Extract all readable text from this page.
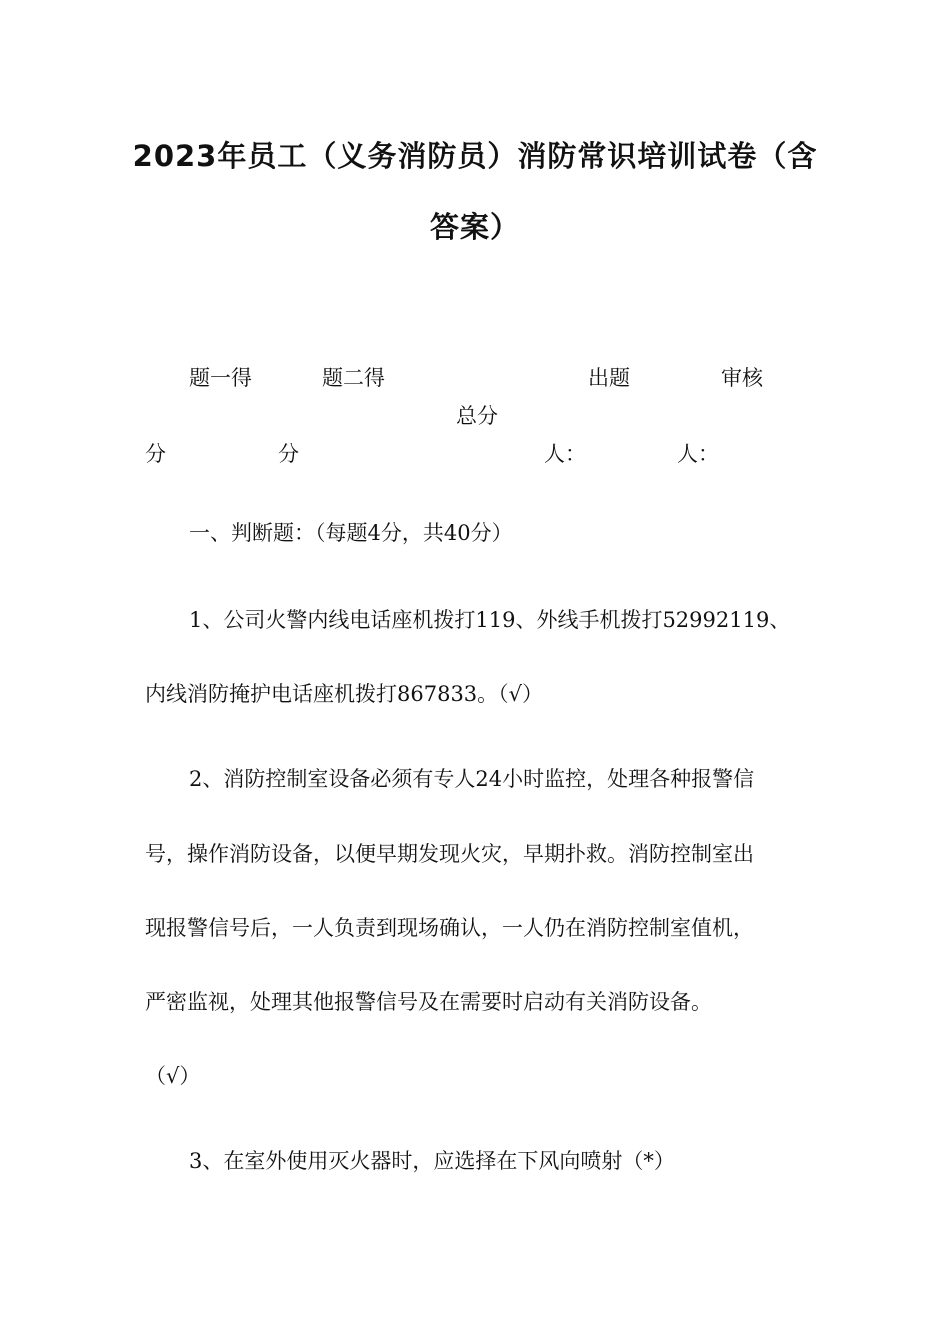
2023年员工（义务消防员）消防常识培训试卷（含
答案）
题一得
分
题二得
分
总分
出题
人：
审核
人：
一、判断题：（每题4分，共40分）
1、公司火警内线电话座机拨打119、外线手机拨打52992119、
内线消防掩护电话座机拨打867833。（√）
2、消防控制室设备必须有专人24小时监控，处理各种报警信
号，操作消防设备，以便早期发现火灾，早期扑救。消防控制室出
现报警信号后，一人负责到现场确认，一人仍在消防控制室值机，
严密监视，处理其他报警信号及在需要时启动有关消防设备。
（√）
3、在室外使用灭火器时，应选择在下风向喷射（*）
